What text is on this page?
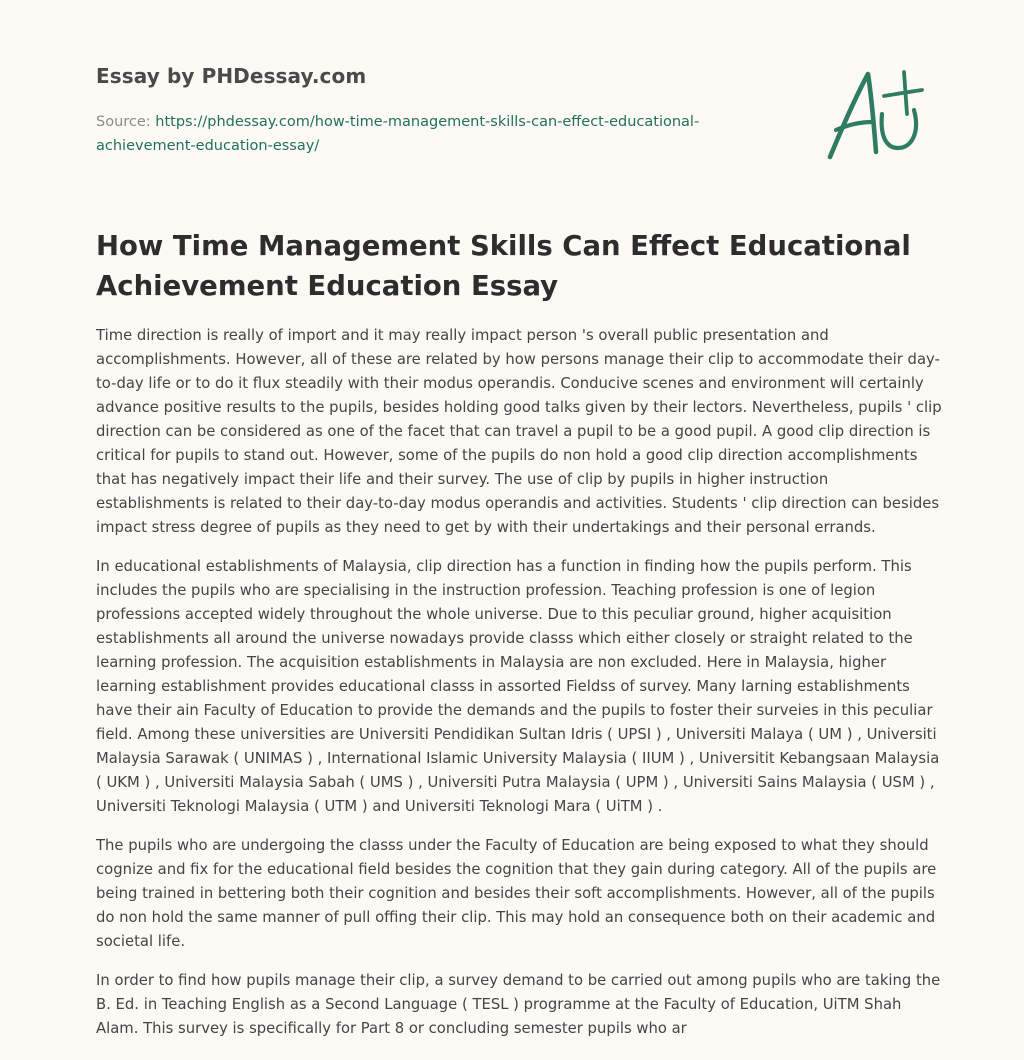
Essay by PHDessay.com
Source: https://phdessay.com/how-time-management-skills-can-effect-educational-achievement-education-essay/
How Time Management Skills Can Effect Educational Achievement Education Essay

Time direction is really of import and it may really impact person 's overall public presentation and accomplishments. However, all of these are related by how persons manage their clip to accommodate their day-to-day life or to do it flux steadily with their modus operandis. Conducive scenes and environment will certainly advance positive results to the pupils, besides holding good talks given by their lectors. Nevertheless, pupils ' clip direction can be considered as one of the facet that can travel a pupil to be a good pupil. A good clip direction is critical for pupils to stand out. However, some of the pupils do non hold a good clip direction accomplishments that has negatively impact their life and their survey. The use of clip by pupils in higher instruction establishments is related to their day-to-day modus operandis and activities. Students ' clip direction can besides impact stress degree of pupils as they need to get by with their undertakings and their personal errands.

In educational establishments of Malaysia, clip direction has a function in finding how the pupils perform. This includes the pupils who are specialising in the instruction profession. Teaching profession is one of legion professions accepted widely throughout the whole universe. Due to this peculiar ground, higher acquisition establishments all around the universe nowadays provide classs which either closely or straight related to the learning profession. The acquisition establishments in Malaysia are non excluded. Here in Malaysia, higher learning establishment provides educational classs in assorted Fieldss of survey. Many larning establishments have their ain Faculty of Education to provide the demands and the pupils to foster their surveies in this peculiar field. Among these universities are Universiti Pendidikan Sultan Idris ( UPSI ) , Universiti Malaya ( UM ) , Universiti Malaysia Sarawak ( UNIMAS ) , International Islamic University Malaysia ( IIUM ) , Universitit Kebangsaan Malaysia ( UKM ) , Universiti Malaysia Sabah ( UMS ) , Universiti Putra Malaysia ( UPM ) , Universiti Sains Malaysia ( USM ) , Universiti Teknologi Malaysia ( UTM ) and Universiti Teknologi Mara ( UiTM ) .

The pupils who are undergoing the classs under the Faculty of Education are being exposed to what they should cognize and fix for the educational field besides the cognition that they gain during category. All of the pupils are being trained in bettering both their cognition and besides their soft accomplishments. However, all of the pupils do non hold the same manner of pull offing their clip. This may hold an consequence both on their academic and societal life.

In order to find how pupils manage their clip, a survey demand to be carried out among pupils who are taking the B. Ed. in Teaching English as a Second Language ( TESL ) programme at the Faculty of Education, UiTM Shah Alam. This survey is specifically for Part 8 or concluding semester pupils who ar
